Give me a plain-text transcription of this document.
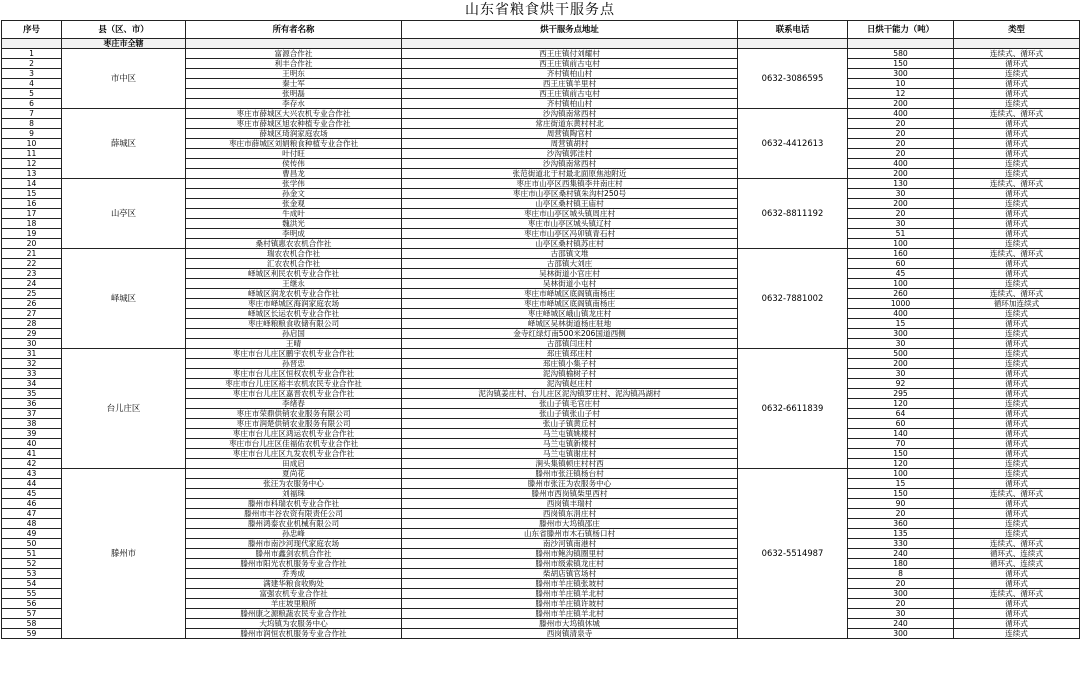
山东省粮食烘干服务点
序号	县（区、市）	所有者名称	烘干服务点地址	联系电话	日烘干能力（吨）	类型
	枣庄市全辖					
1	市中区	富源合作社	西王庄镇付刘耀村	0632-3086595	580	连续式、循环式
2		利丰合作社	西王庄镇前古屯村		150	循环式
3		王明东	齐村镇柏山村		300	连续式
4		秦士军	西王庄镇羊里村		10	循环式
5		张明磊	西王庄镇前古屯村		12	循环式
6		李存水	齐村镇柏山村		200	连续式
7	薛城区	枣庄市薛城区大兴农机专业合作社	沙沟镇南常西村	0632-4412613	400	连续式、循环式
8		枣庄市薛城区旭农种植专业合作社	常庄街道东黄村村北		20	循环式
9		薛城区琦润家庭农场	周营镇陶官村		20	循环式
10		枣庄市薛城区刘娟粮食种植专业合作社	周营镇胡村		20	循环式
11		叶付旺	沙沟镇郭洼村		20	循环式
12		侯传伟	沙沟镇南常西村		400	连续式
13		曹昌龙	张范街道北于村最北面原焦池附近		200	连续式
14	山亭区	张学伟	枣庄市山亭区西集镇李井南庄村	0632-8811192	130	连续式、循环式
15		孙金文	枣庄市山亭区桑村镇朱沟村250号		30	循环式
16		张金观	山亭区桑村镇王庙村		200	连续式
17		牛成叶	枣庄市山亭区城头镇周庄村		20	循环式
18		魏洪光	枣庄市山亭区城头镇辽村		30	循环式
19		李明成	枣庄市山亭区冯卯镇青石村		51	循环式
20		桑村镇惠农农机合作社	山亭区桑村镇苏庄村		100	连续式
21	峄城区	瑞农农机合作社	古邵镇文堆	0632-7881002	160	连续式、循环式
22		汇农农机合作社	古邵镇大刘庄		60	循环式
23		峄城区利民农机专业合作社	吴林街道小官庄村		45	循环式
24		王继永	吴林街道小屯村		100	连续式
25		峄城区润龙农机专业合作社	枣庄市峄城区底阁镇南杨庄		260	连续式、循环式
26		枣庄市峄城区海润家庭农场	枣庄市峄城区底阁镇南杨庄		1000	循环加连续式
27		峄城区长运农机专业合作社	枣庄峄城区峨山镇龙庄村		400	连续式
28		枣庄峄粮粮食收储有限公司	峄城区吴林街道杨庄驻地		15	循环式
29		孙启国	金寺红绿灯南500米206国道西侧		300	连续式
30		王晴	古邵镇闫庄村		30	循环式
31	台儿庄区	枣庄市台儿庄区鹏宇农机专业合作社	邳庄镇邳庄村	0632-6611839	500	连续式
32		孙晋忠	邳庄镇小集子村		200	连续式
33		枣庄市台儿庄区恒权农机专业合作社	泥沟镇榆树子村		30	循环式
34		枣庄市台儿庄区裕丰农机农民专业合作社	泥沟镇赵庄村		92	循环式
35		枣庄市台儿庄区嘉晋农机专业合作社	泥沟镇姜庄村、台儿庄区泥沟镇罗庄村、泥沟镇冯湖村		295	循环式
36		李绪春	张山子镇毛官庄村		120	连续式
37		枣庄市荣鼎供销农业服务有限公司	张山子镇张山子村		64	循环式
38		枣庄市润楚供销农业服务有限公司	张山子镇黄丘村		60	循环式
39		枣庄市台儿庄区鸿运农机专业合作社	马兰屯镇姚楼村		140	循环式
40		枣庄市台儿庄区佳福佑农机专业合作社	马兰屯镇新楼村		70	循环式
41		枣庄市台儿庄区九发农机专业合作社	马兰屯镇谢庄村		150	循环式
42		田成启	涧头集镇顿庄村村西		120	连续式
43	滕州市	夏尚花	滕州市张汪镇杨台村	0632-5514987	100	连续式
44		张汪为农服务中心	滕州市张汪为农服务中心		15	循环式
45		刘福珠	滕州市西岗镇柴里西村		150	连续式、循环式
46		滕州市科瑞农机专业合作社	西岗镇丰瑞村		90	循环式
47		滕州市丰谷农资有限责任公司	西岗镇东涓庄村		20	循环式
48		滕州鸿泰农业机械有限公司	滕州市大坞镇邵庄		360	连续式
49		孙忠峰	山东省滕州市木石镇杨口村		135	连续式
50		滕州市南沙河现代家庭农场	南沙河镇南港村		330	连续式、循环式
51		滕州市鑫剑农机合作社	滕州市鲍沟镇圈里村		240	循环式、连续式
52		滕州市阳光农机服务专业合作社	滕州市级索镇龙庄村		180	循环式、连续式
53		乔秀成	柴胡店镇官场村		8	循环式
54		满建华粮食收购处	滕州市羊庄镇张坡村		20	循环式
55		富强农机专业合作社	滕州市羊庄镇羊北村		300	连续式、循环式
56		羊庄坡里粮所	滕州市羊庄镇许坡村		20	循环式
57		滕州康之源粮蔬农民专业合作社	滕州市羊庄镇羊北村		30	循环式
58		大坞镇为农服务中心	滕州市大坞镇休城		240	循环式
59		滕州市润恒农机服务专业合作社	西岗镇清泉寺		300	连续式
